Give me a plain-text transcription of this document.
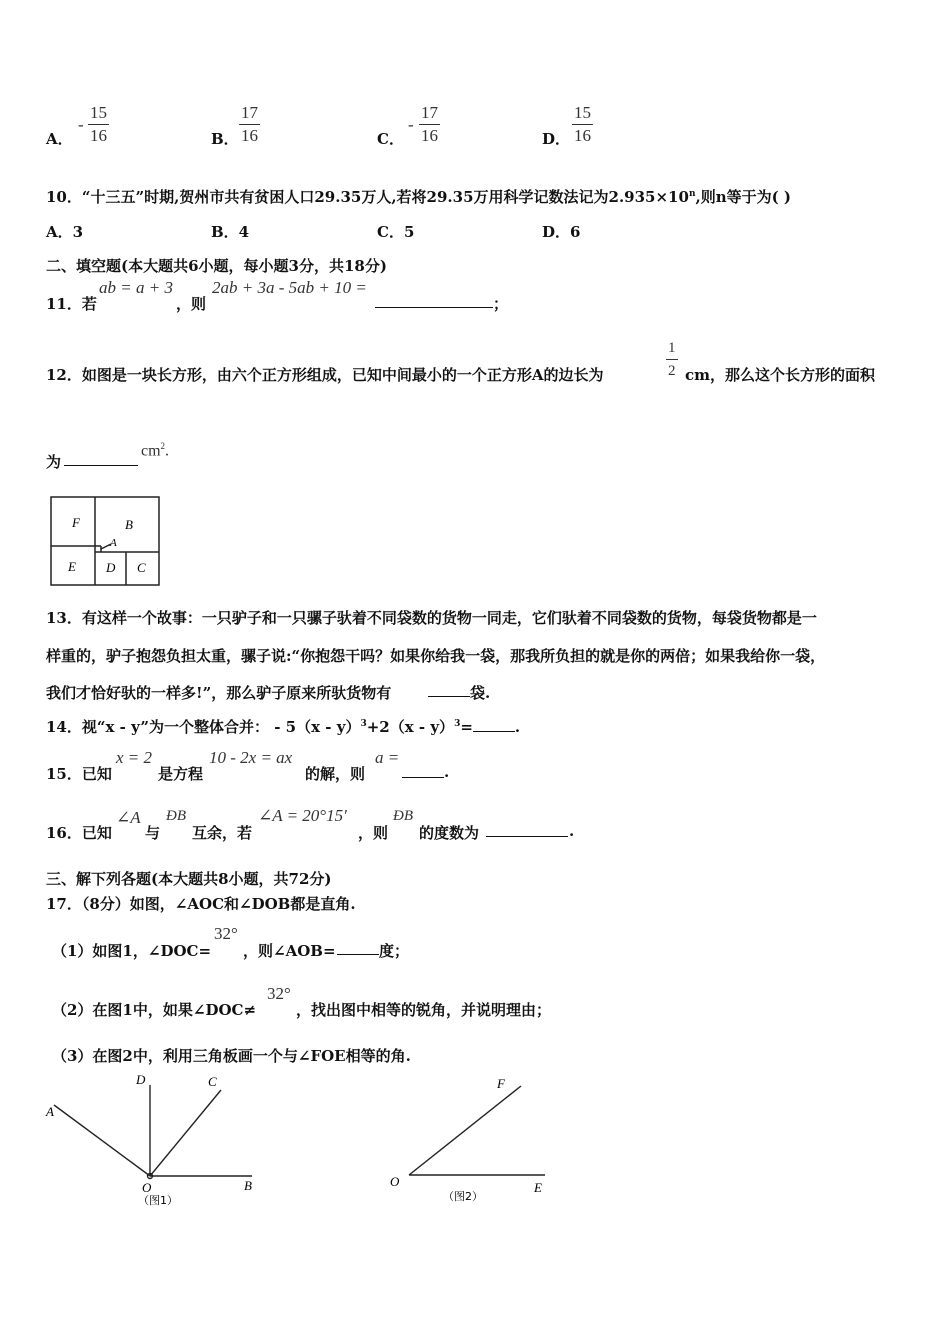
A．
- $\frac{15}{16}$	B． $\frac{17}{16}$	C．
- $\frac{17}{16}$	D． $\frac{15}{16}$
10．“十三五”时期,贺州市共有贫困人口29.35万人,若将29.35万用科学记数法记为$2.935\times 10^n$,则n等于为( )
A．3	B．4	C．5	D．6
二、填空题(本大题共6小题，每小题3分，共18分)
11．若
ab = a + 3
，则
2ab + 3a - 5ab + 10 =
；
12．如图是一块长方形，由六个正方形组成，已知中间最小的一个正方形A的边长为	$\frac{1}{2}$ cm，那么这个长方形的面积
为
$cm^2$.
F	B
A
E D C
13．有这样一个故事：一只驴子和一只骡子驮着不同袋数的货物一同走，它们驮着不同袋数的货物，每袋货物都是一
样重的，驴子抱怨负担太重，骡子说:“你抱怨干吗？如果你给我一袋，那我所负担的就是你的两倍；如果我给你一袋，
我们才恰好驮的一样多!”，那么驴子原来所驮货物有	袋.
14．视“x - y”为一个整体合并： - 5（x - y）$^3$+2（x - y）$^3$=	.
15．已知
x = 2
是方程
10 - 2x = ax
的解，则
a =
.
16．已知
∠A
与
ÐB
互余，若
∠A = 20°15′
，则
ÐB
的度数为	.
三、解下列各题(本大题共8小题，共72分)
17．（8分）如图，∠AOC和∠DOB都是直角.
（1）如图1，∠DOC=
32°
，则∠AOB=	度；
（2）在图1中，如果∠DOC≠
32°
，找出图中相等的锐角，并说明理由；
（3）在图2中，利用三角板画一个与∠FOE相等的角.
A
D	C
O	B
（图1）
F
O	E
（图2）
